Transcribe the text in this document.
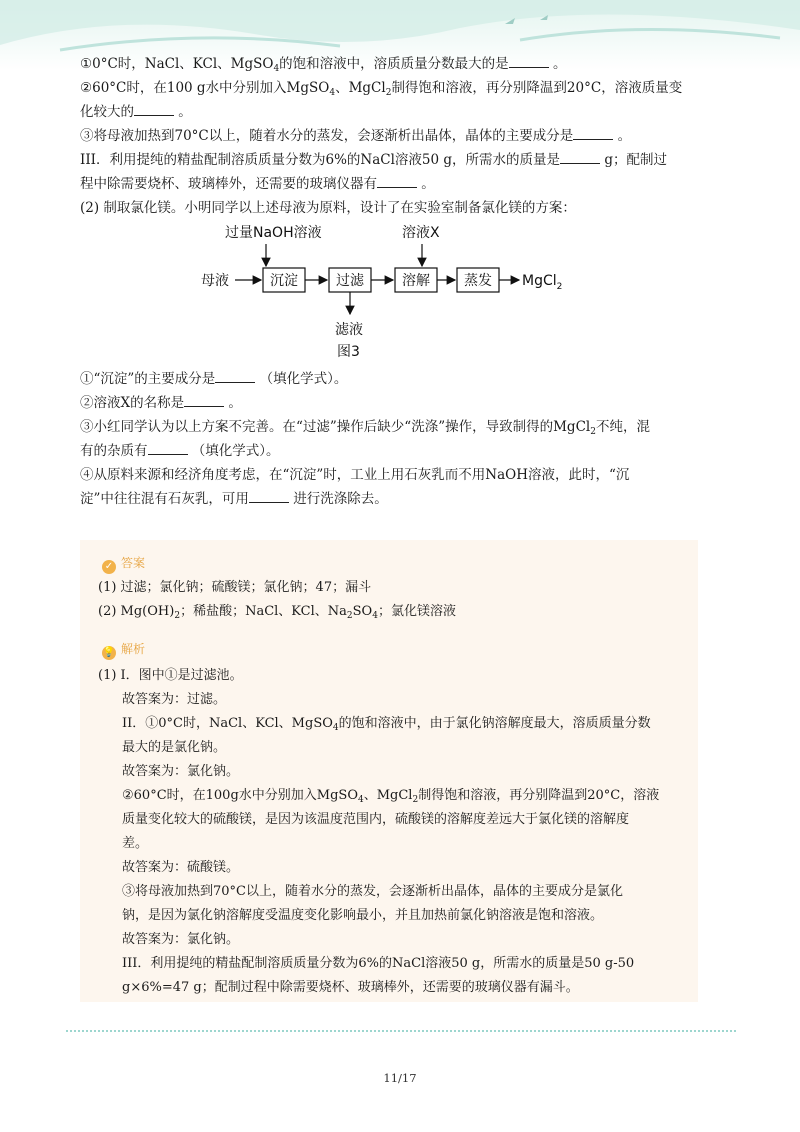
①0°C时，NaCl、KCl、MgSO$_4$的饱和溶液中，溶质质量分数最大的是	。
②60°C时，在100 g水中分别加入MgSO$_4$、MgCl$_2$制得饱和溶液，再分别降温到20°C，溶液质量变
化较大的	。
③将母液加热到70°C以上，随着水分的蒸发，会逐渐析出晶体，晶体的主要成分是	。
III．利用提纯的精盐配制溶质质量分数为6%的NaCl溶液50 g，所需水的质量是	g；配制过
程中除需要烧杯、玻璃棒外，还需要的玻璃仪器有	。
(2) 制取氯化镁。小明同学以上述母液为原料，设计了在实验室制备氯化镁的方案：
过量NaOH溶液	溶液X
母液	沉淀	过滤	溶解 蒸发 MgCl$_2$
滤液
图3
①“沉淀”的主要成分是	（填化学式）。
②溶液X的名称是	。
③小红同学认为以上方案不完善。在“过滤”操作后缺少“洗涤”操作，导致制得的MgCl$_2$不纯，混
有的杂质有	（填化学式）。
④从原料来源和经济角度考虑，在“沉淀”时，工业上用石灰乳而不用NaOH溶液，此时，“沉
淀”中往往混有石灰乳，可用	进行洗涤除去。
✓ 答案
(1) 过滤；氯化钠；硫酸镁；氯化钠；47；漏斗
(2) $Mg(OH)_2$；稀盐酸；NaCl、KCl、$Na_2SO_4$；氯化镁溶液
💡 解析
(1) I．图中①是过滤池。
故答案为：过滤。
II．①0°C时，NaCl、KCl、MgSO$_4$的饱和溶液中，由于氯化钠溶解度最大，溶质质量分数
最大的是氯化钠。
故答案为：氯化钠。
②60°C时，在100g水中分别加入MgSO$_4$、MgCl$_2$制得饱和溶液，再分别降温到20°C，溶液
质量变化较大的硫酸镁，是因为该温度范围内，硫酸镁的溶解度差远大于氯化镁的溶解度
差。
故答案为：硫酸镁。
③将母液加热到70°C以上，随着水分的蒸发，会逐渐析出晶体，晶体的主要成分是氯化
钠，是因为氯化钠溶解度受温度变化影响最小，并且加热前氯化钠溶液是饱和溶液。
故答案为：氯化钠。
III．利用提纯的精盐配制溶质质量分数为6%的NaCl溶液50 g，所需水的质量是50 g-50
g×6%=47 g；配制过程中除需要烧杯、玻璃棒外，还需要的玻璃仪器有漏斗。
11/17
